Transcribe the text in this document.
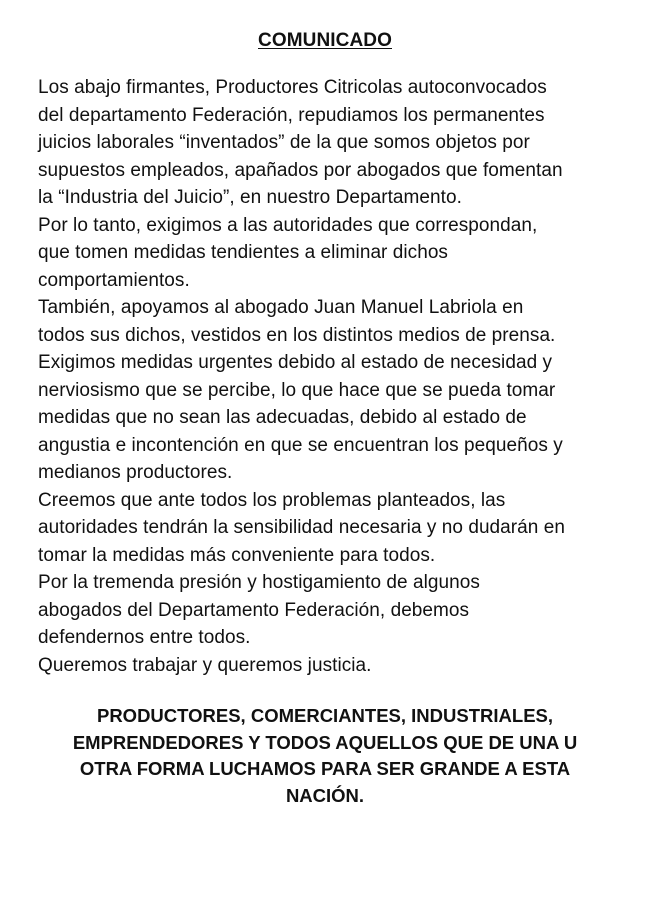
COMUNICADO
Los abajo firmantes, Productores Citricolas autoconvocados
del departamento Federación, repudiamos los permanentes
juicios laborales “inventados” de la que somos objetos por
supuestos empleados, apañados por abogados que fomentan
la “Industria del Juicio”, en nuestro Departamento.
Por lo tanto, exigimos a las autoridades que correspondan,
que tomen medidas tendientes a eliminar dichos
comportamientos.
También, apoyamos al abogado Juan Manuel Labriola en
todos sus dichos, vestidos en los distintos medios de prensa.
Exigimos medidas urgentes debido al estado de necesidad y
nerviosismo que se percibe, lo que hace que se pueda tomar
medidas que no sean las adecuadas, debido al estado de
angustia e incontención en que se encuentran los pequeños y
medianos productores.
Creemos que ante todos los problemas planteados, las
autoridades tendrán la sensibilidad necesaria y no dudarán en
tomar la medidas más conveniente para todos.
Por la tremenda presión y hostigamiento de algunos
abogados del Departamento Federación, debemos
defendernos entre todos.
Queremos trabajar y queremos justicia.
PRODUCTORES, COMERCIANTES, INDUSTRIALES,
EMPRENDEDORES Y TODOS AQUELLOS QUE DE UNA U
OTRA FORMA LUCHAMOS PARA SER GRANDE A ESTA
NACIÓN.
